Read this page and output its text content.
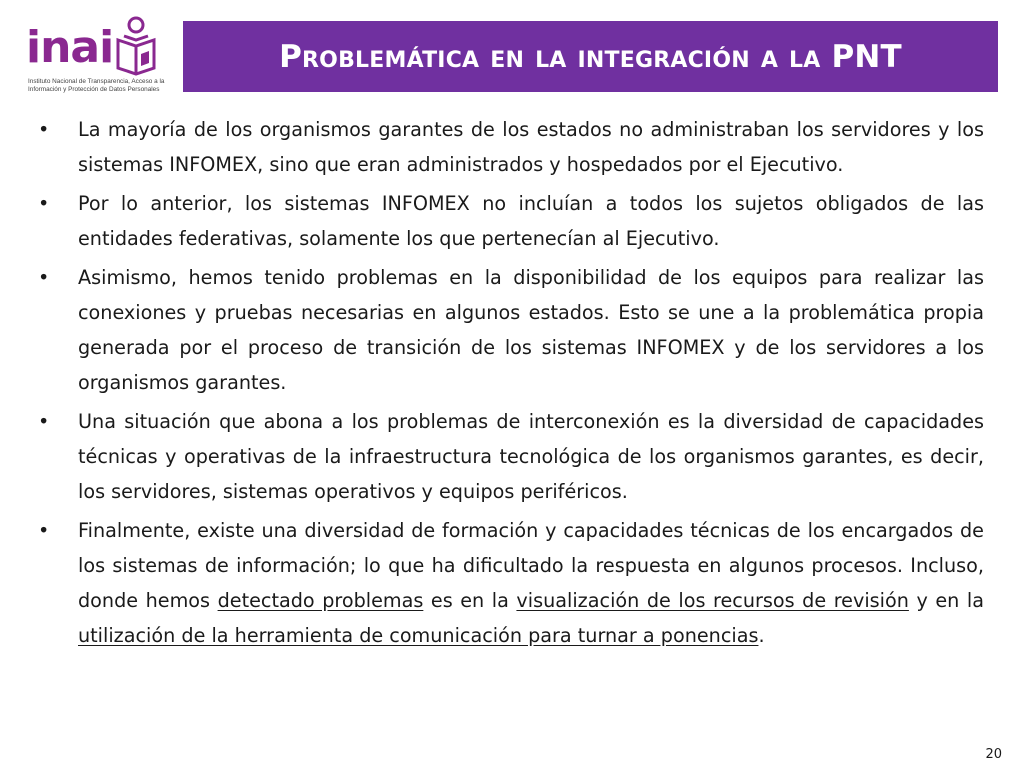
inai
Instituto Nacional de Transparencia, Acceso a la Información y Protección de Datos Personales
Problemática en la integración a la PNT

•	La mayoría de los organismos garantes de los estados no administraban los servidores y los sistemas INFOMEX, sino que eran administrados y hospedados por el Ejecutivo.

•	Por lo anterior, los sistemas INFOMEX no incluían a todos los sujetos obligados de las entidades federativas, solamente los que pertenecían al Ejecutivo.

•	Asimismo, hemos tenido problemas en la disponibilidad de los equipos para realizar las conexiones y pruebas necesarias en algunos estados. Esto se une a la problemática propia generada por el proceso de transición de los sistemas INFOMEX y de los servidores a los organismos garantes.

•	Una situación que abona a los problemas de interconexión es la diversidad de capacidades técnicas y operativas de la infraestructura tecnológica de los organismos garantes, es decir, los servidores, sistemas operativos y equipos periféricos.

•	Finalmente, existe una diversidad de formación y capacidades técnicas de los encargados de los sistemas de información; lo que ha dificultado la respuesta en algunos procesos. Incluso, donde hemos detectado problemas es en la visualización de los recursos de revisión y en la utilización de la herramienta de comunicación para turnar a ponencias.

20
